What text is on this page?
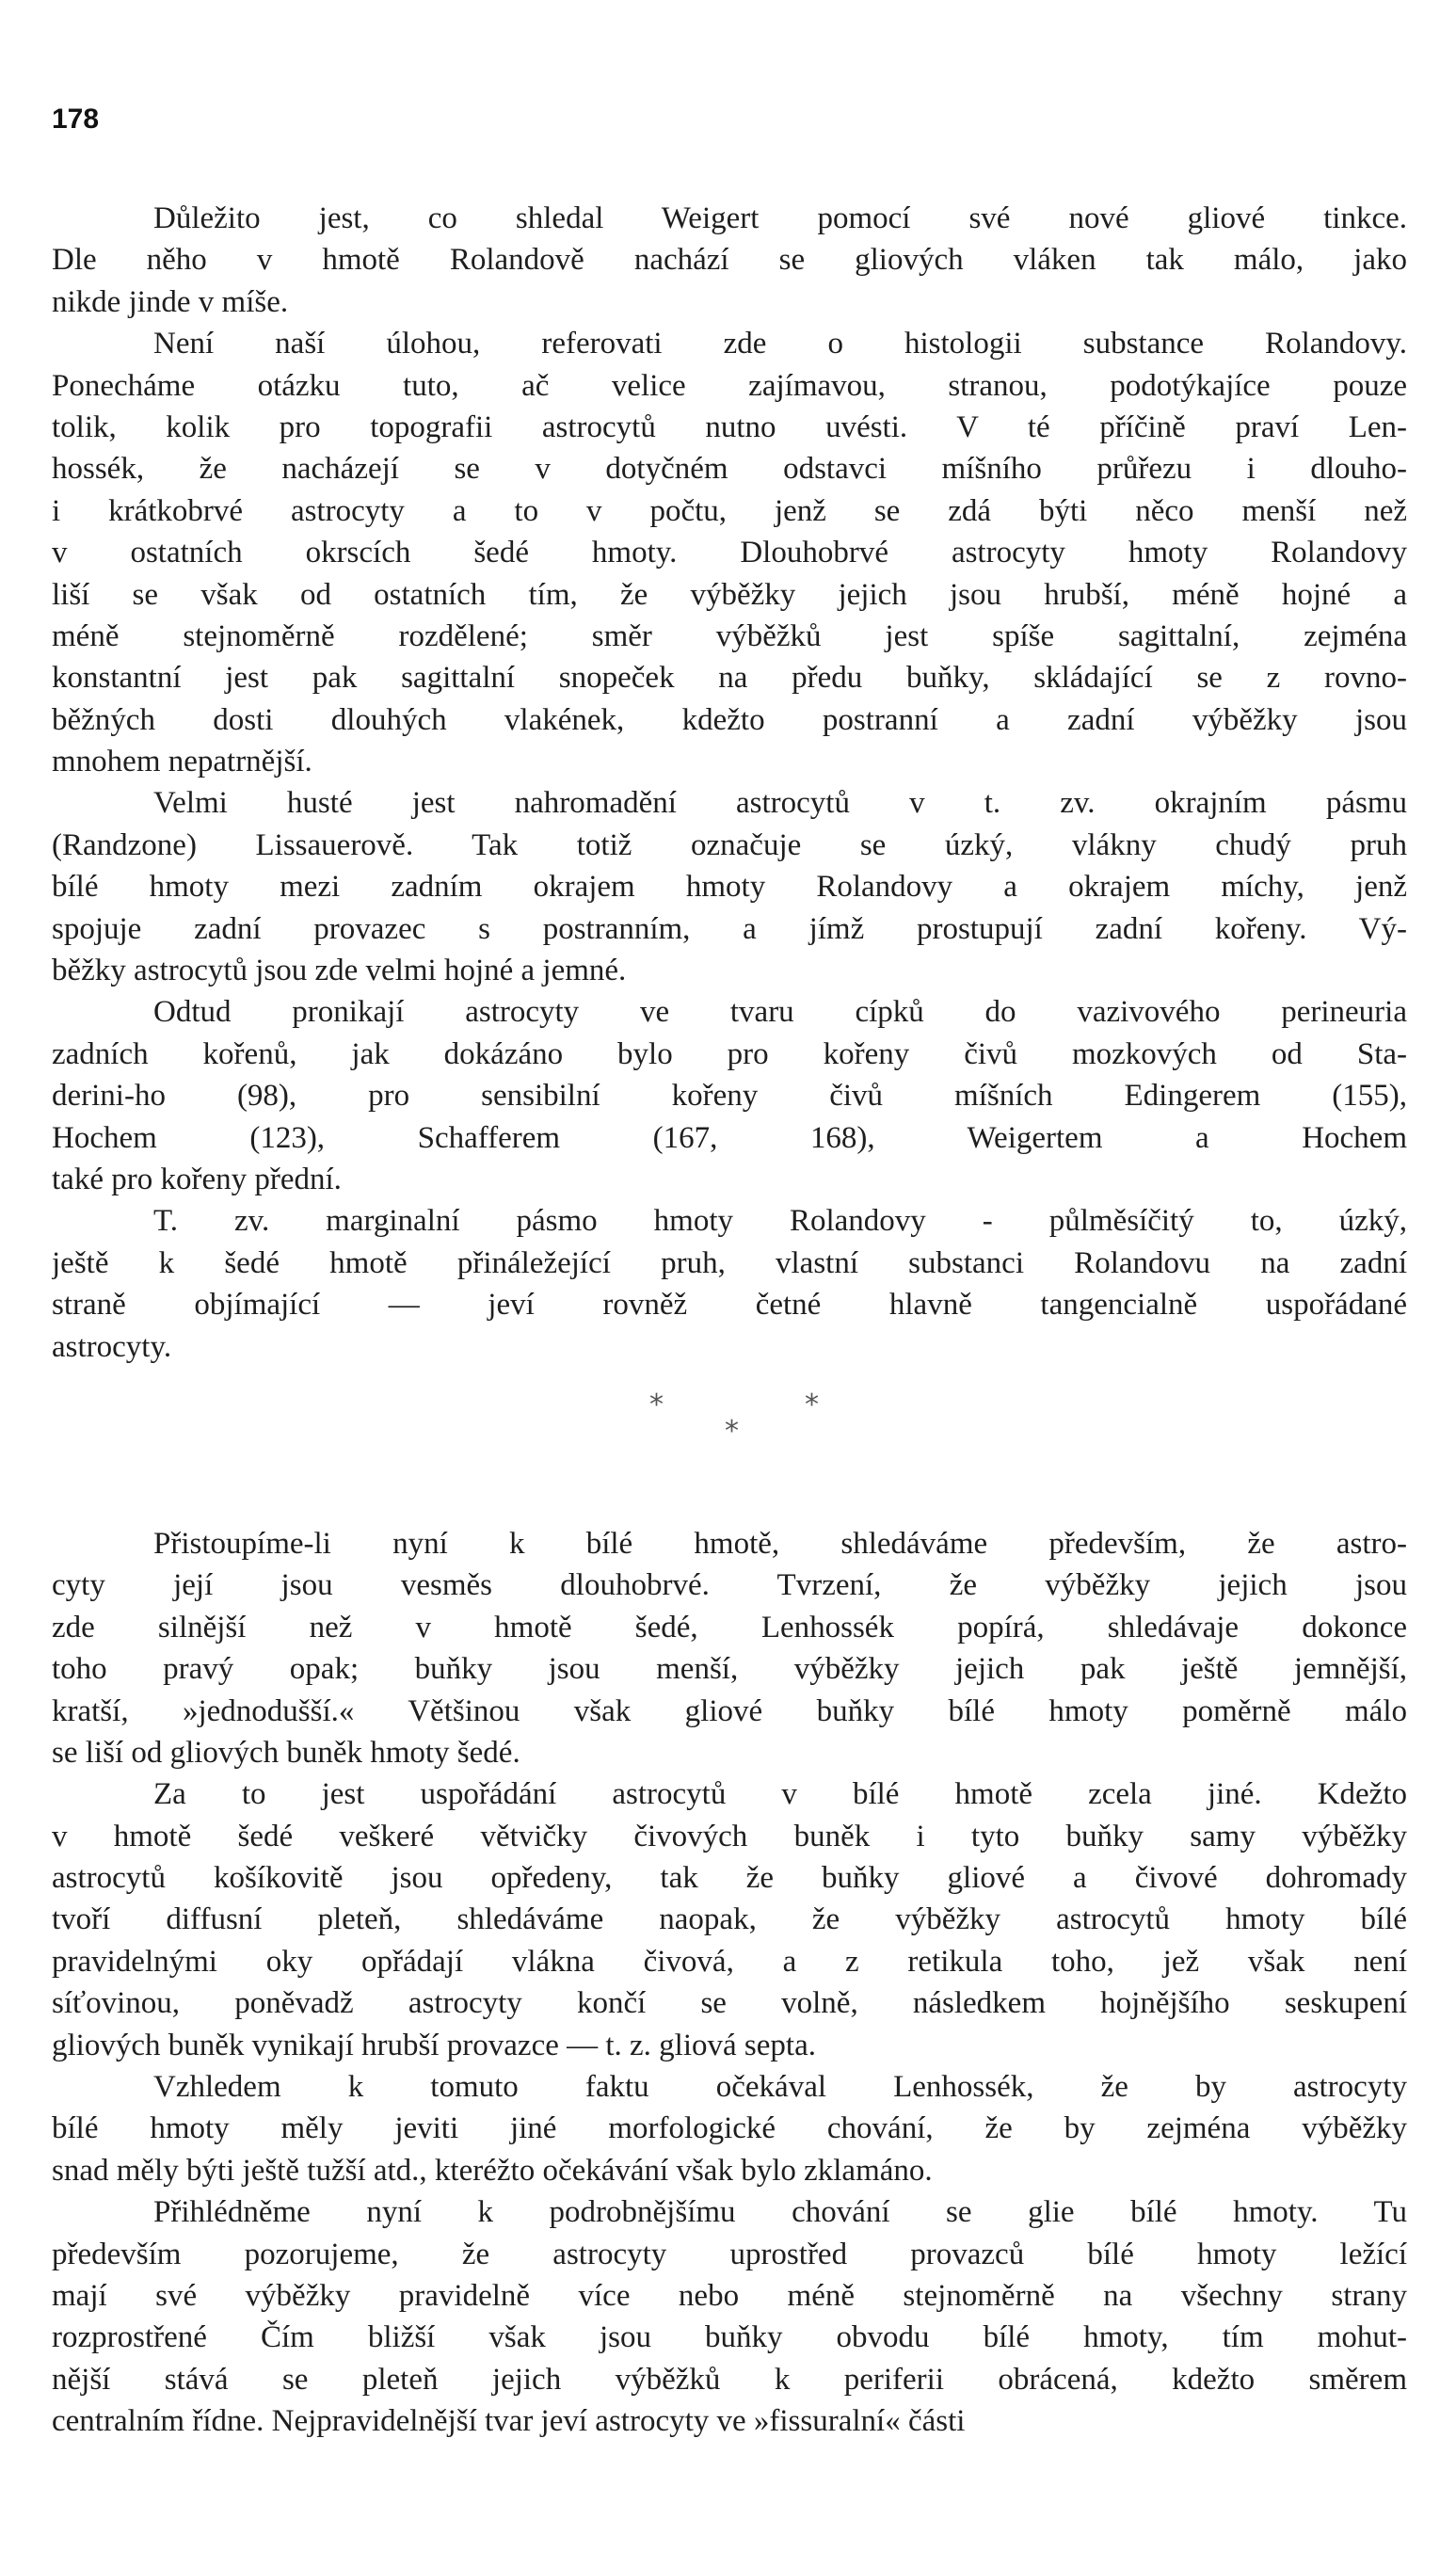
178
Důležito jest, co shledal Weigert pomocí své nové gliové tinkce.
Dle něho v hmotě Rolandově nachází se gliových vláken tak málo, jako
nikde jinde v míše.
Není naší úlohou, referovati zde o histologii substance Rolandovy.
Ponecháme otázku tuto, ač velice zajímavou, stranou, podotýkajíce pouze
tolik, kolik pro topografii astrocytů nutno uvésti. V té příčině praví Len-
hossék, že nacházejí se v dotyčném odstavci míšního průřezu i dlouho-
i krátkobrvé astrocyty a to v počtu, jenž se zdá býti něco menší než
v ostatních okrscích šedé hmoty. Dlouhobrvé astrocyty hmoty Rolandovy
liší se však od ostatních tím, že výběžky jejich jsou hrubší, méně hojné a
méně stejnoměrně rozdělené; směr výběžků jest spíše sagittalní, zejména
konstantní jest pak sagittalní snopeček na předu buňky, skládající se z rovno-
běžných dosti dlouhých vlakének, kdežto postranní a zadní výběžky jsou
mnohem nepatrnější.
Velmi husté jest nahromadění astrocytů v t. zv. okrajním pásmu
(Randzone) Lissauerově. Tak totiž označuje se úzký, vlákny chudý pruh
bílé hmoty mezi zadním okrajem hmoty Rolandovy a okrajem míchy, jenž
spojuje zadní provazec s postranním, a jímž prostupují zadní kořeny. Vý-
běžky astrocytů jsou zde velmi hojné a jemné.
Odtud pronikají astrocyty ve tvaru cípků do vazivového perineuria
zadních kořenů, jak dokázáno bylo pro kořeny čivů mozkových od Sta-
derini-ho (98), pro sensibilní kořeny čivů míšních Edingerem (155),
Hochem (123), Schafferem (167, 168), Weigertem a Hochem
také pro kořeny přední.
T. zv. marginalní pásmo hmoty Rolandovy - půlměsíčitý to, úzký,
ještě k šedé hmotě přináležející pruh, vlastní substanci Rolandovu na zadní
straně objímající — jeví rovněž četné hlavně tangencialně uspořádané
astrocyty.
*
*
*
Přistoupíme-li nyní k bílé hmotě, shledáváme především, že astro-
cyty její jsou vesměs dlouhobrvé. Tvrzení, že výběžky jejich jsou
zde silnější než v hmotě šedé, Lenhossék popírá, shledávaje dokonce
toho pravý opak; buňky jsou menší, výběžky jejich pak ještě jemnější,
kratší, »jednodušší.« Většinou však gliové buňky bílé hmoty poměrně málo
se liší od gliových buněk hmoty šedé.
Za to jest uspořádání astrocytů v bílé hmotě zcela jiné. Kdežto
v hmotě šedé veškeré větvičky čivových buněk i tyto buňky samy výběžky
astrocytů košíkovitě jsou opředeny, tak že buňky gliové a čivové dohromady
tvoří diffusní pleteň, shledáváme naopak, že výběžky astrocytů hmoty bílé
pravidelnými oky opřádají vlákna čivová, a z retikula toho, jež však není
síťovinou, poněvadž astrocyty končí se volně, následkem hojnějšího seskupení
gliových buněk vynikají hrubší provazce — t. z. gliová septa.
Vzhledem k tomuto faktu očekával Lenhossék, že by astrocyty
bílé hmoty měly jeviti jiné morfologické chování, že by zejména výběžky
snad měly býti ještě tužší atd., kteréžto očekávání však bylo zklamáno.
Přihlédněme nyní k podrobnějšímu chování se glie bílé hmoty. Tu
především pozorujeme, že astrocyty uprostřed provazců bílé hmoty ležící
mají své výběžky pravidelně více nebo méně stejnoměrně na všechny strany
rozprostřené Čím bližší však jsou buňky obvodu bílé hmoty, tím mohut-
nější stává se pleteň jejich výběžků k periferii obrácená, kdežto směrem
centralním řídne. Nejpravidelnější tvar jeví astrocyty ve »fissuralní« části
